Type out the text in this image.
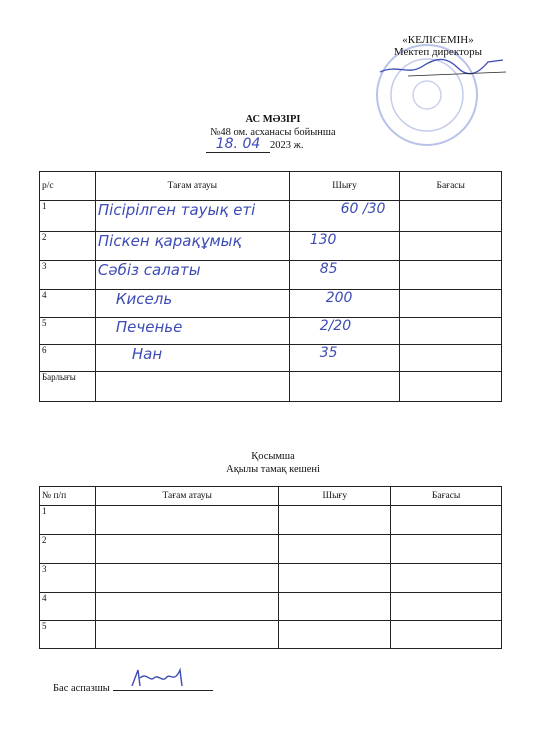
«КЕЛІСЕМІН»
Мектеп директоры
АС МӘЗІРІ
№48 ом. асханасы бойынша
18. 04 2023 ж.
р/с	Тағам атауы	Шығу	Бағасы
1	Пісірілген тауық еті	60 /30	
2	Піскен қарақұмық	130	
3	Сәбіз салаты	85	
4	Кисель	200	
5	Печенье	2/20	
6	Нан	35	
Барлығы			
Қосымша
Ақылы тамақ кешені
№ п/п	Тағам атауы	Шығу	Бағасы
1			
2			
3			
4			
5			
Бас аспазшы
